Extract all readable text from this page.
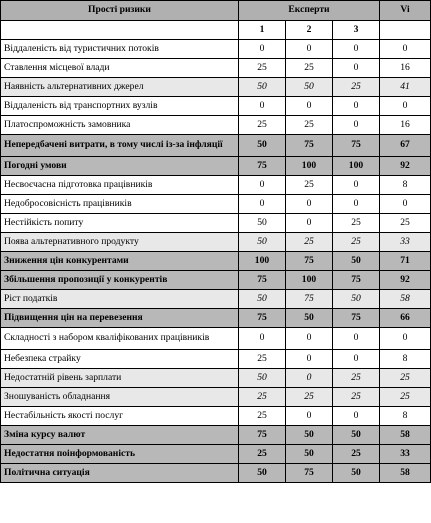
Прості ризики	Експерти			Vi
	1	2	3	
Віддаленість від туристичних потоків	0	0	0	0
Ставлення місцевої влади	25	25	0	16
Наявність альтернативних джерел	50	50	25	41
Віддаленість від транспортних вузлів	0	0	0	0
Платоспроможність замовника	25	25	0	16
Непередбачені витрати, в тому числі із-за інфляції	50	75	75	67
Погодні умови	75	100	100	92
Несвоєчасна підготовка працівників	0	25	0	8
Недобросовісність працівників	0	0	0	0
Нестійкість попиту	50	0	25	25
Поява альтернативного продукту	50	25	25	33
Зниження цін конкурентами	100	75	50	71
Збільшення пропозиції у конкурентів	75	100	75	92
Ріст податків	50	75	50	58
Підвищення цін на перевезення	75	50	75	66
Складності з набором кваліфікованих працівників	0	0	0	0
Небезпека страйку	25	0	0	8
Недостатній рівень зарплати	50	0	25	25
Зношуваність обладнання	25	25	25	25
Нестабільність якості послуг	25	0	0	8
Зміна курсу валют	75	50	50	58
Недостатня поінформованість	25	50	25	33
Політична ситуація	50	75	50	58
